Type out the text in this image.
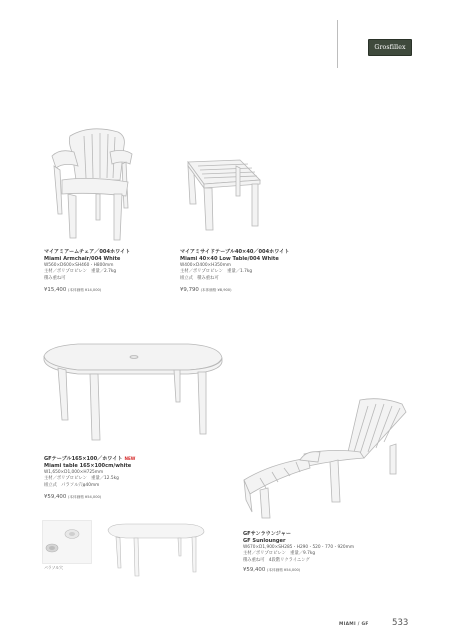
Grosfillex
マイアミアームチェア／004ホワイト
Miami Armchair/004 White
W560×D600×SH460・H800mm
主材／ポリプロピレン　重量／2.7kg
積み重ね可
¥15,400 (本体価格 ¥14,000)
マイアミサイドテーブル40×40／004ホワイト
Miami 40×40 Low Table/004 White
W400×D400×H350mm
主材／ポリプロピレン　重量／1.7kg
組立式　積み重ね可
¥9,790 (本体価格 ¥8,900)
GFテーブル165×100／ホワイト NEW
Miami table 165×100cm/white
W1,650×D1,000×H725mm
主材／ポリプロピレン　重量／12.5kg
組立式　パラソル穴φ40mm
¥59,400 (本体価格 ¥54,000)
パラソル穴
GFサンラウンジャー
GF Sunlounger
W670×D1,900×SH285・H290・520・770・920mm
主材／ポリプロピレン　重量／9.7kg
積み重ね可　4段階リクライニング
¥59,400 (本体価格 ¥54,000)
MIAMI / GF	533
